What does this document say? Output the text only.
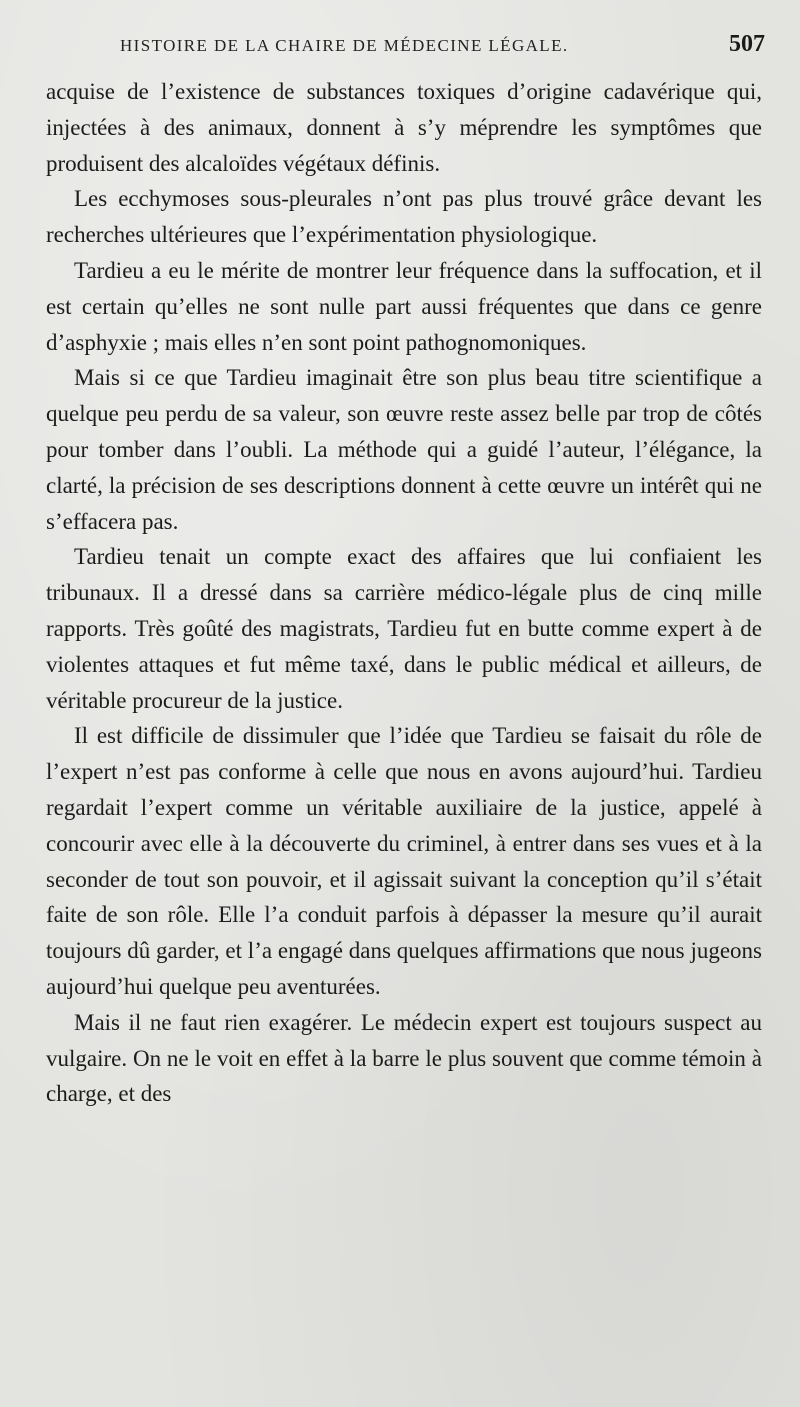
HISTOIRE DE LA CHAIRE DE MÉDECINE LÉGALE.	507

acquise de l’existence de substances toxiques d’origine cadavérique qui, injectées à des animaux, donnent à s’y méprendre les symptômes que produisent des alcaloïdes végétaux définis.

Les ecchymoses sous-pleurales n’ont pas plus trouvé grâce devant les recherches ultérieures que l’expérimentation physiologique.

Tardieu a eu le mérite de montrer leur fréquence dans la suffocation, et il est certain qu’elles ne sont nulle part aussi fréquentes que dans ce genre d’asphyxie ; mais elles n’en sont point pathognomoniques.

Mais si ce que Tardieu imaginait être son plus beau titre scientifique a quelque peu perdu de sa valeur, son œuvre reste assez belle par trop de côtés pour tomber dans l’oubli. La méthode qui a guidé l’auteur, l’élégance, la clarté, la précision de ses descriptions donnent à cette œuvre un intérêt qui ne s’effacera pas.

Tardieu tenait un compte exact des affaires que lui confiaient les tribunaux. Il a dressé dans sa carrière médico-légale plus de cinq mille rapports. Très goûté des magistrats, Tardieu fut en butte comme expert à de violentes attaques et fut même taxé, dans le public médical et ailleurs, de véritable procureur de la justice.

Il est difficile de dissimuler que l’idée que Tardieu se faisait du rôle de l’expert n’est pas conforme à celle que nous en avons aujourd’hui. Tardieu regardait l’expert comme un véritable auxiliaire de la justice, appelé à concourir avec elle à la découverte du criminel, à entrer dans ses vues et à la seconder de tout son pouvoir, et il agissait suivant la conception qu’il s’était faite de son rôle. Elle l’a conduit parfois à dépasser la mesure qu’il aurait toujours dû garder, et l’a engagé dans quelques affirmations que nous jugeons aujourd’hui quelque peu aventurées.

Mais il ne faut rien exagérer. Le médecin expert est toujours suspect au vulgaire. On ne le voit en effet à la barre le plus souvent que comme témoin à charge, et des
